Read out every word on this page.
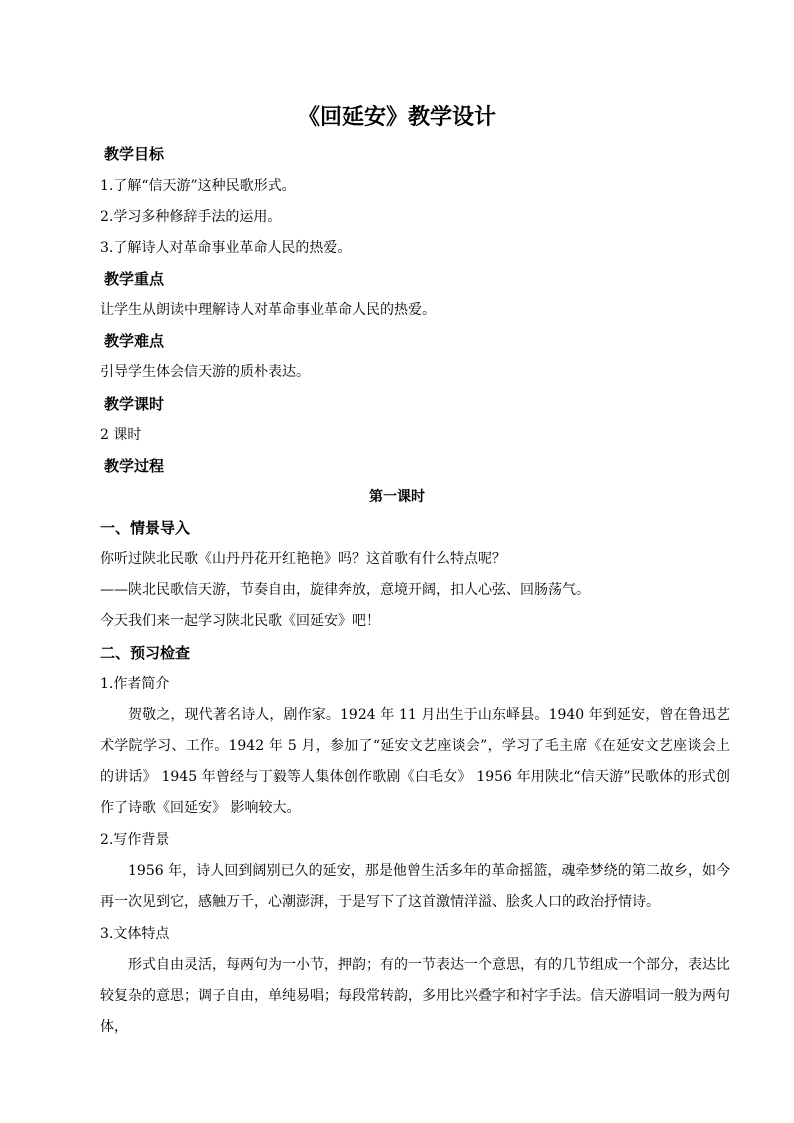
《回延安》教学设计
教学目标
1.了解“信天游”这种民歌形式。
2.学习多种修辞手法的运用。
3.了解诗人对革命事业革命人民的热爱。
教学重点
让学生从朗读中理解诗人对革命事业革命人民的热爱。
教学难点
引导学生体会信天游的质朴表达。
教学课时
2 课时
教学过程
第一课时
一、情景导入
你听过陕北民歌《山丹丹花开红艳艳》吗？这首歌有什么特点呢？
——陕北民歌信天游，节奏自由，旋律奔放，意境开阔，扣人心弦、回肠荡气。
今天我们来一起学习陕北民歌《回延安》吧！
二、预习检查
1.作者简介
贺敬之，现代著名诗人，剧作家。1924 年 11 月出生于山东峄县。1940 年到延安，曾在鲁迅艺术学院学习、工作。1942 年 5 月，参加了“延安文艺座谈会”，学习了毛主席《在延安文艺座谈会上的讲话》 1945 年曾经与丁毅等人集体创作歌剧《白毛女》 1956 年用陕北“信天游”民歌体的形式创作了诗歌《回延安》 影响较大。
2.写作背景
1956 年，诗人回到阔别已久的延安，那是他曾生活多年的革命摇篮，魂牵梦绕的第二故乡，如今再一次见到它，感触万千，心潮澎湃，于是写下了这首激情洋溢、脍炙人口的政治抒情诗。
3.文体特点
形式自由灵活，每两句为一小节，押韵；有的一节表达一个意思，有的几节组成一个部分，表达比较复杂的意思；调子自由，单纯易唱；每段常转韵，多用比兴叠字和衬字手法。信天游唱词一般为两句体，
